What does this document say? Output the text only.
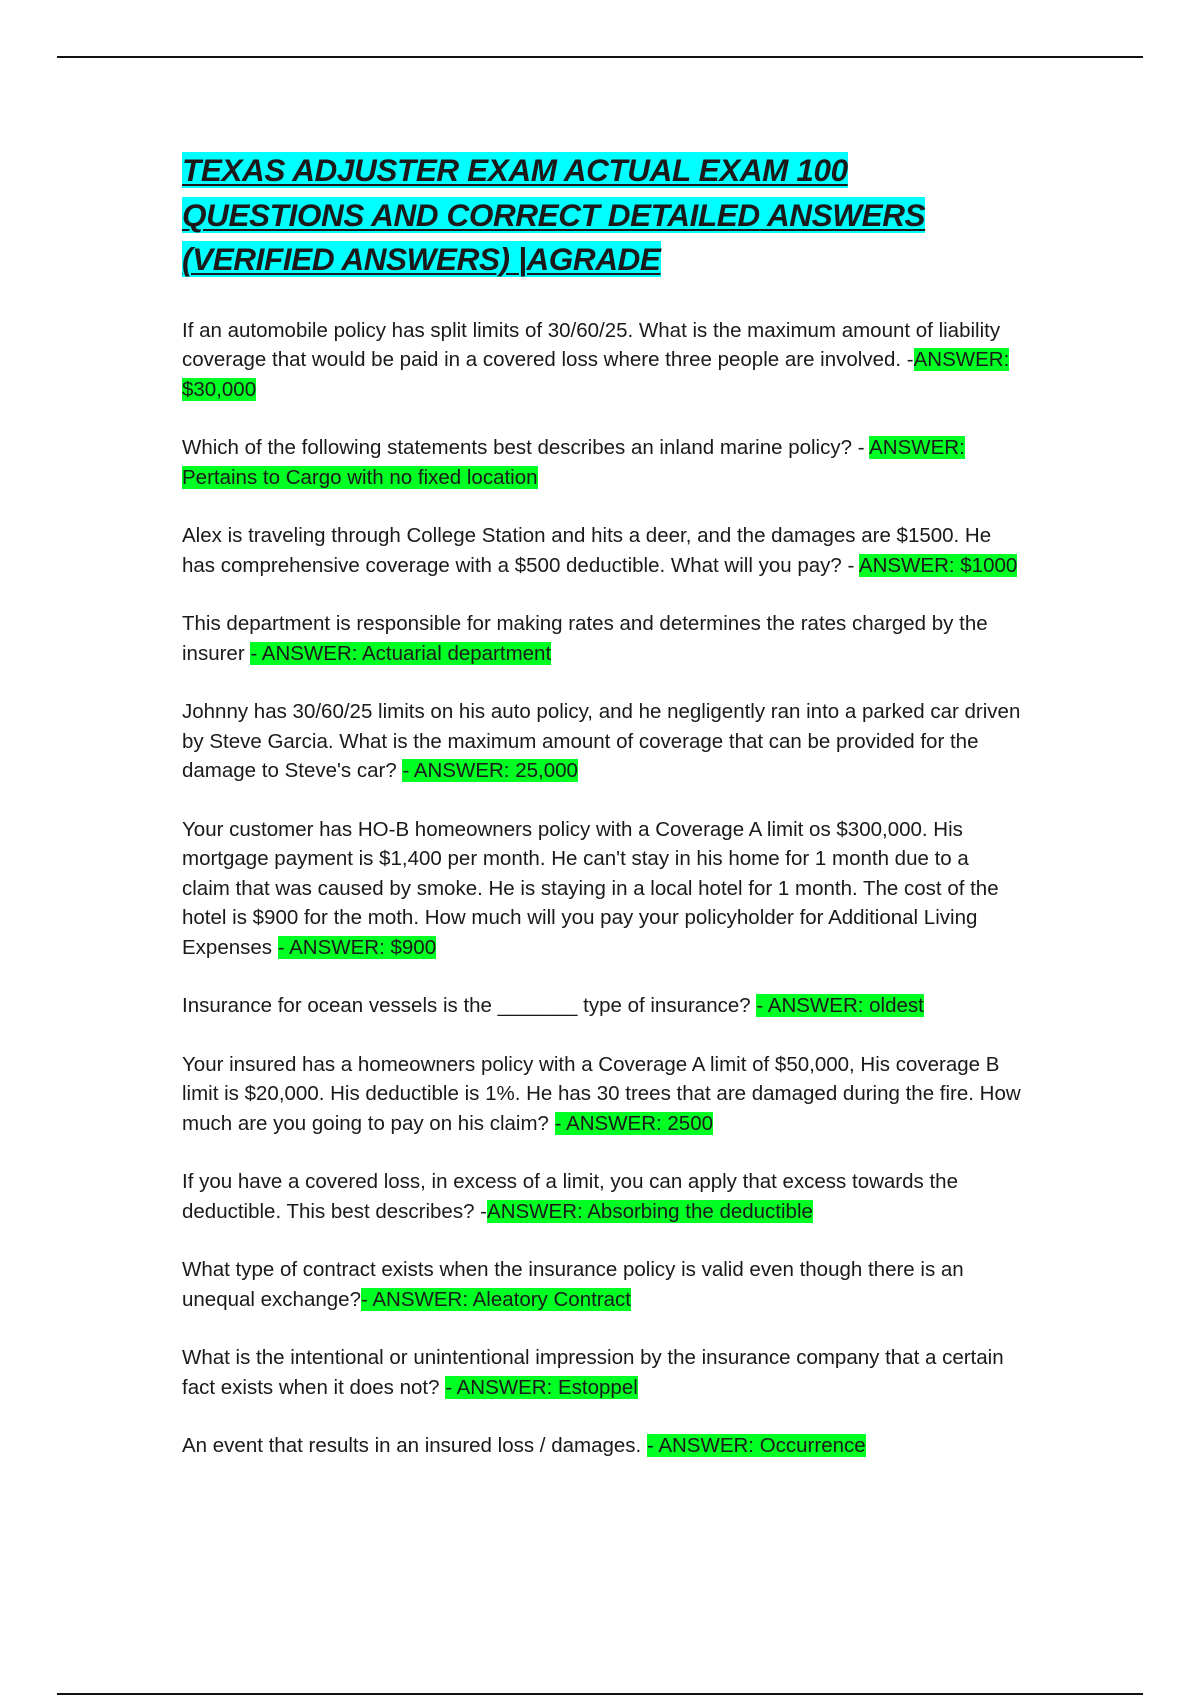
TEXAS ADJUSTER EXAM ACTUAL EXAM 100 QUESTIONS AND CORRECT DETAILED ANSWERS (VERIFIED ANSWERS) |AGRADE

If an automobile policy has split limits of 30/60/25. What is the maximum amount of liability coverage that would be paid in a covered loss where three people are involved. -ANSWER: $30,000

Which of the following statements best describes an inland marine policy? - ANSWER: Pertains to Cargo with no fixed location

Alex is traveling through College Station and hits a deer, and the damages are $1500. He has comprehensive coverage with a $500 deductible. What will you pay? - ANSWER: $1000

This department is responsible for making rates and determines the rates charged by the insurer - ANSWER: Actuarial department

Johnny has 30/60/25 limits on his auto policy, and he negligently ran into a parked car driven by Steve Garcia. What is the maximum amount of coverage that can be provided for the damage to Steve's car? - ANSWER: 25,000

Your customer has HO-B homeowners policy with a Coverage A limit os $300,000. His mortgage payment is $1,400 per month. He can't stay in his home for 1 month due to a claim that was caused by smoke. He is staying in a local hotel for 1 month. The cost of the hotel is $900 for the moth. How much will you pay your policyholder for Additional Living Expenses - ANSWER: $900

Insurance for ocean vessels is the _______ type of insurance? - ANSWER: oldest

Your insured has a homeowners policy with a Coverage A limit of $50,000, His coverage B limit is $20,000. His deductible is 1%. He has 30 trees that are damaged during the fire. How much are you going to pay on his claim? - ANSWER: 2500

If you have a covered loss, in excess of a limit, you can apply that excess towards the deductible. This best describes? -ANSWER: Absorbing the deductible

What type of contract exists when the insurance policy is valid even though there is an unequal exchange?- ANSWER: Aleatory Contract

What is the intentional or unintentional impression by the insurance company that a certain fact exists when it does not? - ANSWER: Estoppel

An event that results in an insured loss / damages. - ANSWER: Occurrence
